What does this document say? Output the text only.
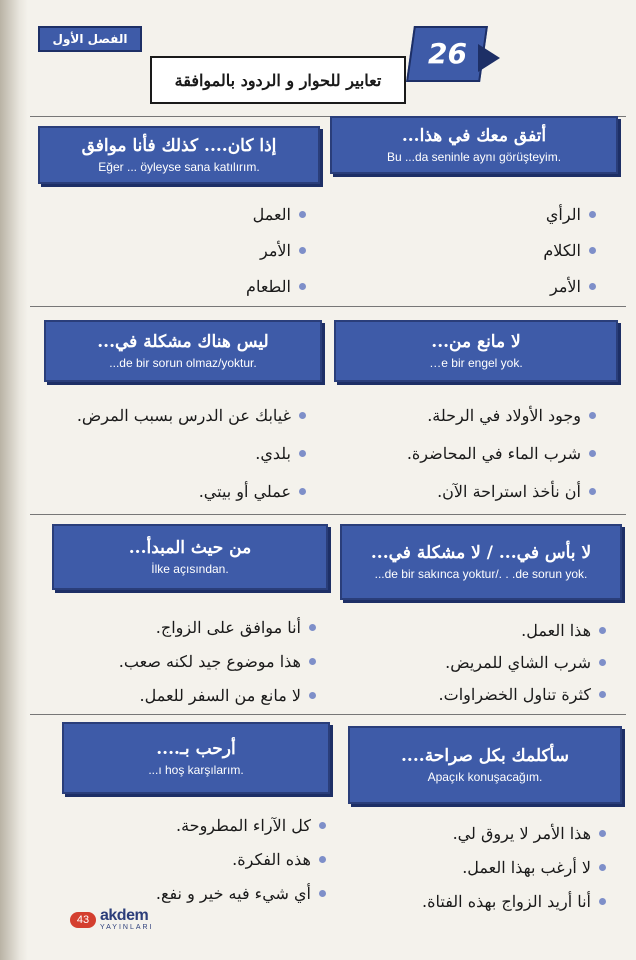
الفصل الأول	26
تعابير للحوار و الردود بالموافقة
أتفق معك في هذا...
Bu ...da seninle aynı görüşteyim.
الرأي
الكلام
الأمر
إذا كان.... كذلك فأنا موافق
Eğer ... öyleyse sana katılırım.
العمل
الأمر
الطعام
لا مانع من...
…e bir engel yok.
وجود الأولاد في الرحلة.
شرب الماء في المحاضرة.
أن نأخذ استراحة الآن.
ليس هناك مشكلة في...
...de bir sorun olmaz/yoktur.
غيابك عن الدرس بسبب المرض.
بلدي.
عملي أو بيتي.
لا بأس في... / لا مشكلة في...
...de bir sakınca yoktur/. . .de sorun yok.
هذا العمل.
شرب الشاي للمريض.
كثرة تناول الخضراوات.
من حيث المبدأ...
İlke açısından.
أنا موافق على الزواج.
هذا موضوع جيد لكنه صعب.
لا مانع من السفر للعمل.
سأكلمك بكل صراحة....
Apaçık konuşacağım.
هذا الأمر لا يروق لي.
لا أرغب بهذا العمل.
أنا أريد الزواج بهذه الفتاة.
أرحب بـ....
...ı hoş karşılarım.
كل الآراء المطروحة.
هذه الفكرة.
أي شيء فيه خير و نفع.
43 akdem
YAYINLARI
